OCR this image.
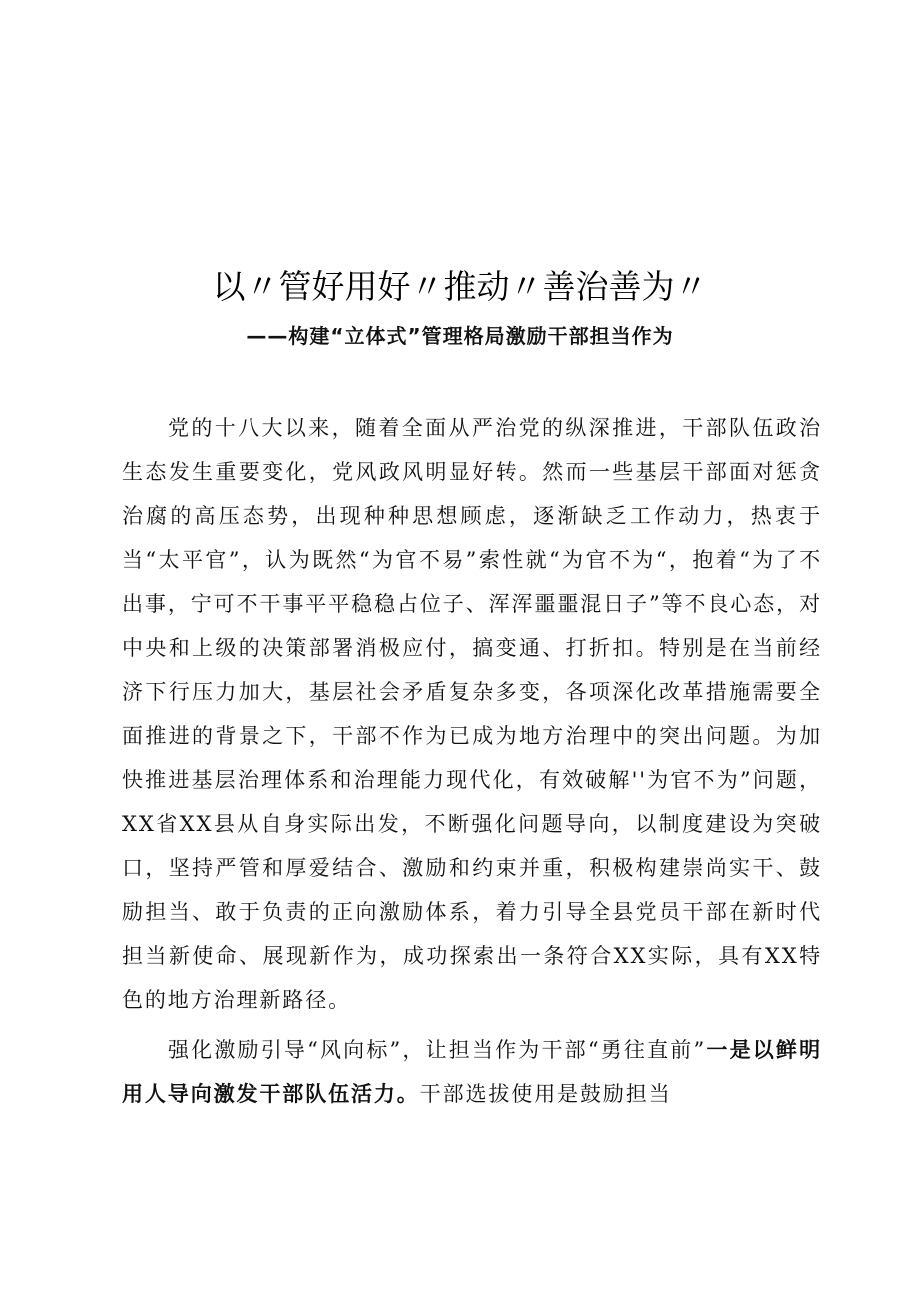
以〃管好用好〃推动〃善治善为〃
——构建“立体式”管理格局激励干部担当作为

党的十八大以来，随着全面从严治党的纵深推进，干部队伍政治生态发生重要变化，党风政风明显好转。然而一些基层干部面对惩贪治腐的高压态势，出现种种思想顾虑，逐渐缺乏工作动力，热衷于当“太平官”，认为既然“为官不易”索性就“为官不为“，抱着“为了不出事，宁可不干事平平稳稳占位子、浑浑噩噩混日子”等不良心态，对中央和上级的决策部署消极应付，搞变通、打折扣。特别是在当前经济下行压力加大，基层社会矛盾复杂多变，各项深化改革措施需要全面推进的背景之下，干部不作为已成为地方治理中的突出问题。为加快推进基层治理体系和治理能力现代化，有效破解''为官不为”问题，XX省XX县从自身实际出发，不断强化问题导向，以制度建设为突破口，坚持严管和厚爱结合、激励和约束并重，积极构建崇尚实干、鼓励担当、敢于负责的正向激励体系，着力引导全县党员干部在新时代担当新使命、展现新作为，成功探索出一条符合XX实际，具有XX特色的地方治理新路径。

强化激励引导“风向标”，让担当作为干部“勇往直前”一是以鲜明用人导向激发干部队伍活力。干部选拔使用是鼓励担当
